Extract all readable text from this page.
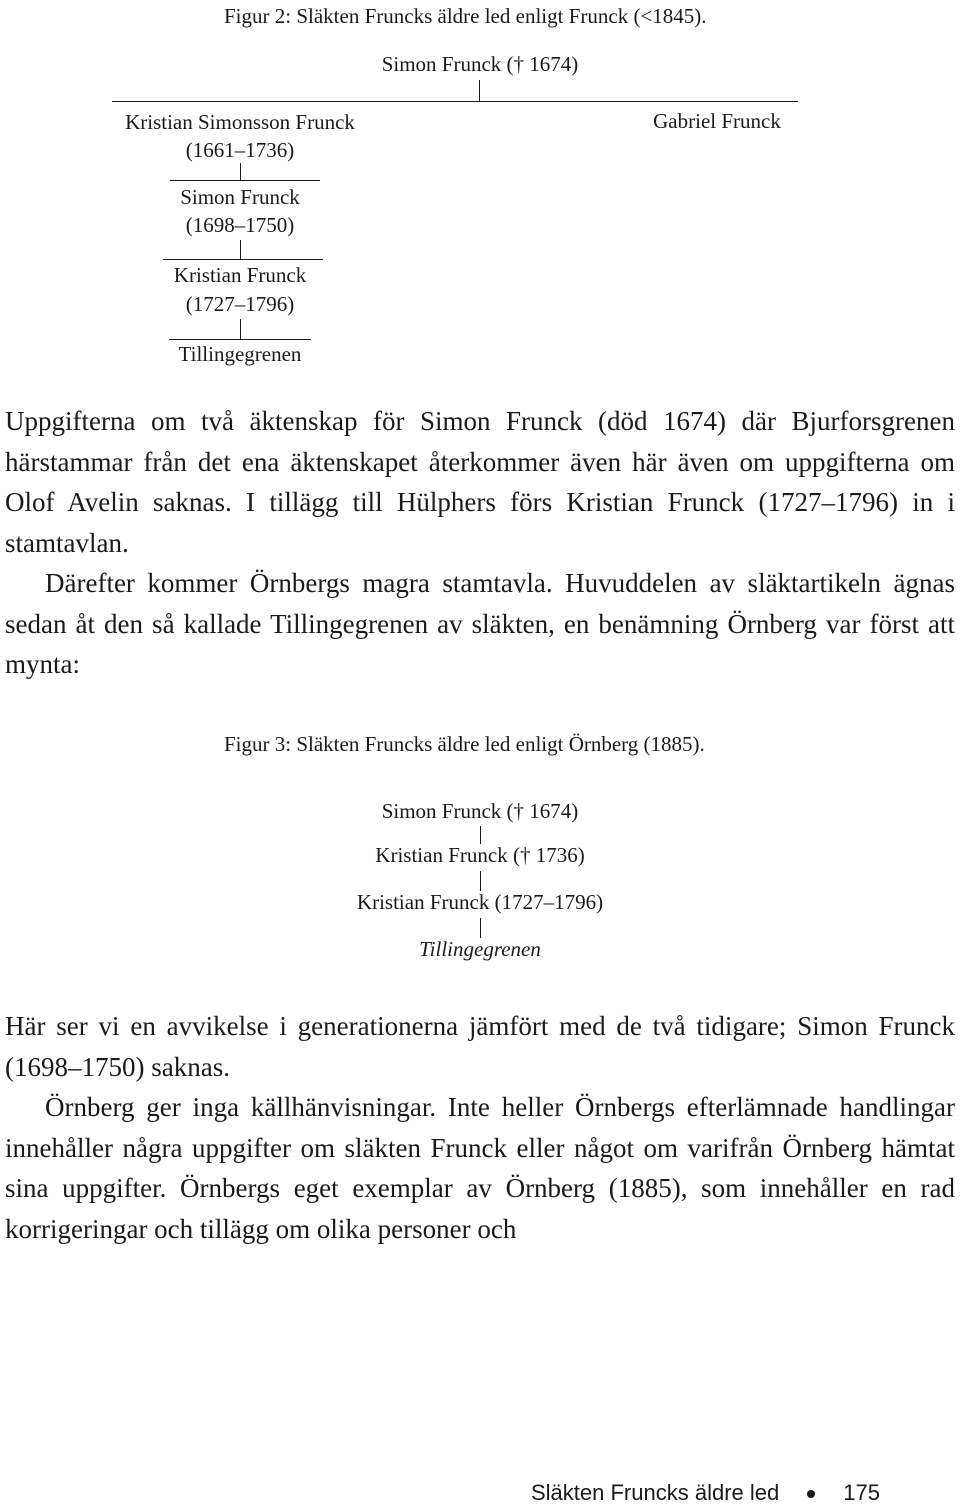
Figur 2: Släkten Fruncks äldre led enligt Frunck (<1845).
Simon Frunck († 1674)
Kristian Simonsson Frunck
(1661–1736)
Simon Frunck
(1698–1750)
Kristian Frunck
(1727–1796)
Tillingegrenen
Gabriel Frunck

Uppgifterna om två äktenskap för Simon Frunck (död 1674) där Bjurforsgrenen härstammar från det ena äktenskapet återkommer även här även om uppgifterna om Olof Avelin saknas. I tillägg till Hülphers förs Kristian Frunck (1727–1796) in i stamtavlan.

Därefter kommer Örnbergs magra stamtavla. Huvuddelen av släktartikeln ägnas sedan åt den så kallade Tillingegrenen av släkten, en benämning Örnberg var först att mynta:

Figur 3: Släkten Fruncks äldre led enligt Örnberg (1885).
Simon Frunck († 1674)
Kristian Frunck († 1736)
Kristian Frunck (1727–1796)
Tillingegrenen

Här ser vi en avvikelse i generationerna jämfört med de två tidigare; Simon Frunck (1698–1750) saknas.

Örnberg ger inga källhänvisningar. Inte heller Örnbergs efterlämnade handlingar innehåller några uppgifter om släkten Frunck eller något om varifrån Örnberg hämtat sina uppgifter. Örnbergs eget exemplar av Örnberg (1885), som innehåller en rad korrigeringar och tillägg om olika personer och

Släkten Fruncks äldre led	175
